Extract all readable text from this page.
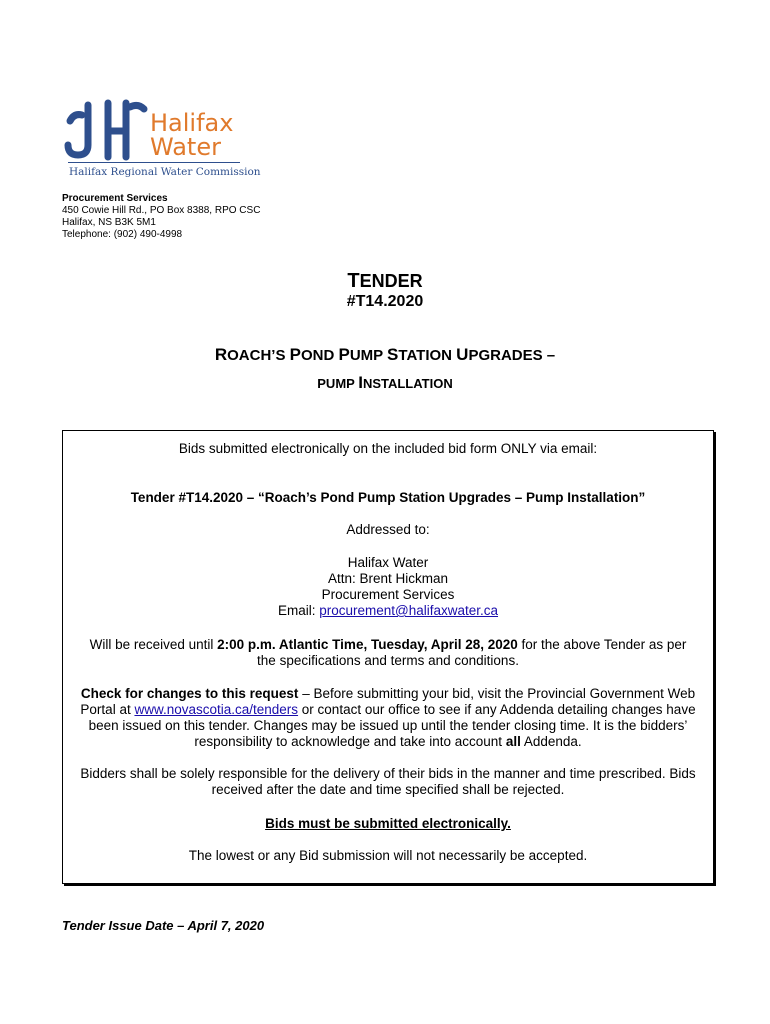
Halifax
Water
Halifax Regional Water Commission
Procurement Services
450 Cowie Hill Rd., PO Box 8388, RPO CSC
Halifax, NS B3K 5M1
Telephone: (902) 490-4998
TENDER
#T14.2020
ROACH’S POND PUMP STATION UPGRADES –
PUMP INSTALLATION
Bids submitted electronically on the included bid form ONLY via email:
Tender #T14.2020 – “Roach’s Pond Pump Station Upgrades – Pump Installation”
Addressed to:
Halifax Water
Attn: Brent Hickman
Procurement Services
Email: procurement@halifaxwater.ca
Will be received until 2:00 p.m. Atlantic Time, Tuesday, April 28, 2020 for the above Tender as per
the specifications and terms and conditions.
Check for changes to this request – Before submitting your bid, visit the Provincial Government Web
Portal at www.novascotia.ca/tenders or contact our office to see if any Addenda detailing changes have
been issued on this tender. Changes may be issued up until the tender closing time. It is the bidders’
responsibility to acknowledge and take into account all Addenda.
Bidders shall be solely responsible for the delivery of their bids in the manner and time prescribed. Bids
received after the date and time specified shall be rejected.
Bids must be submitted electronically.
The lowest or any Bid submission will not necessarily be accepted.
Tender Issue Date – April 7, 2020
